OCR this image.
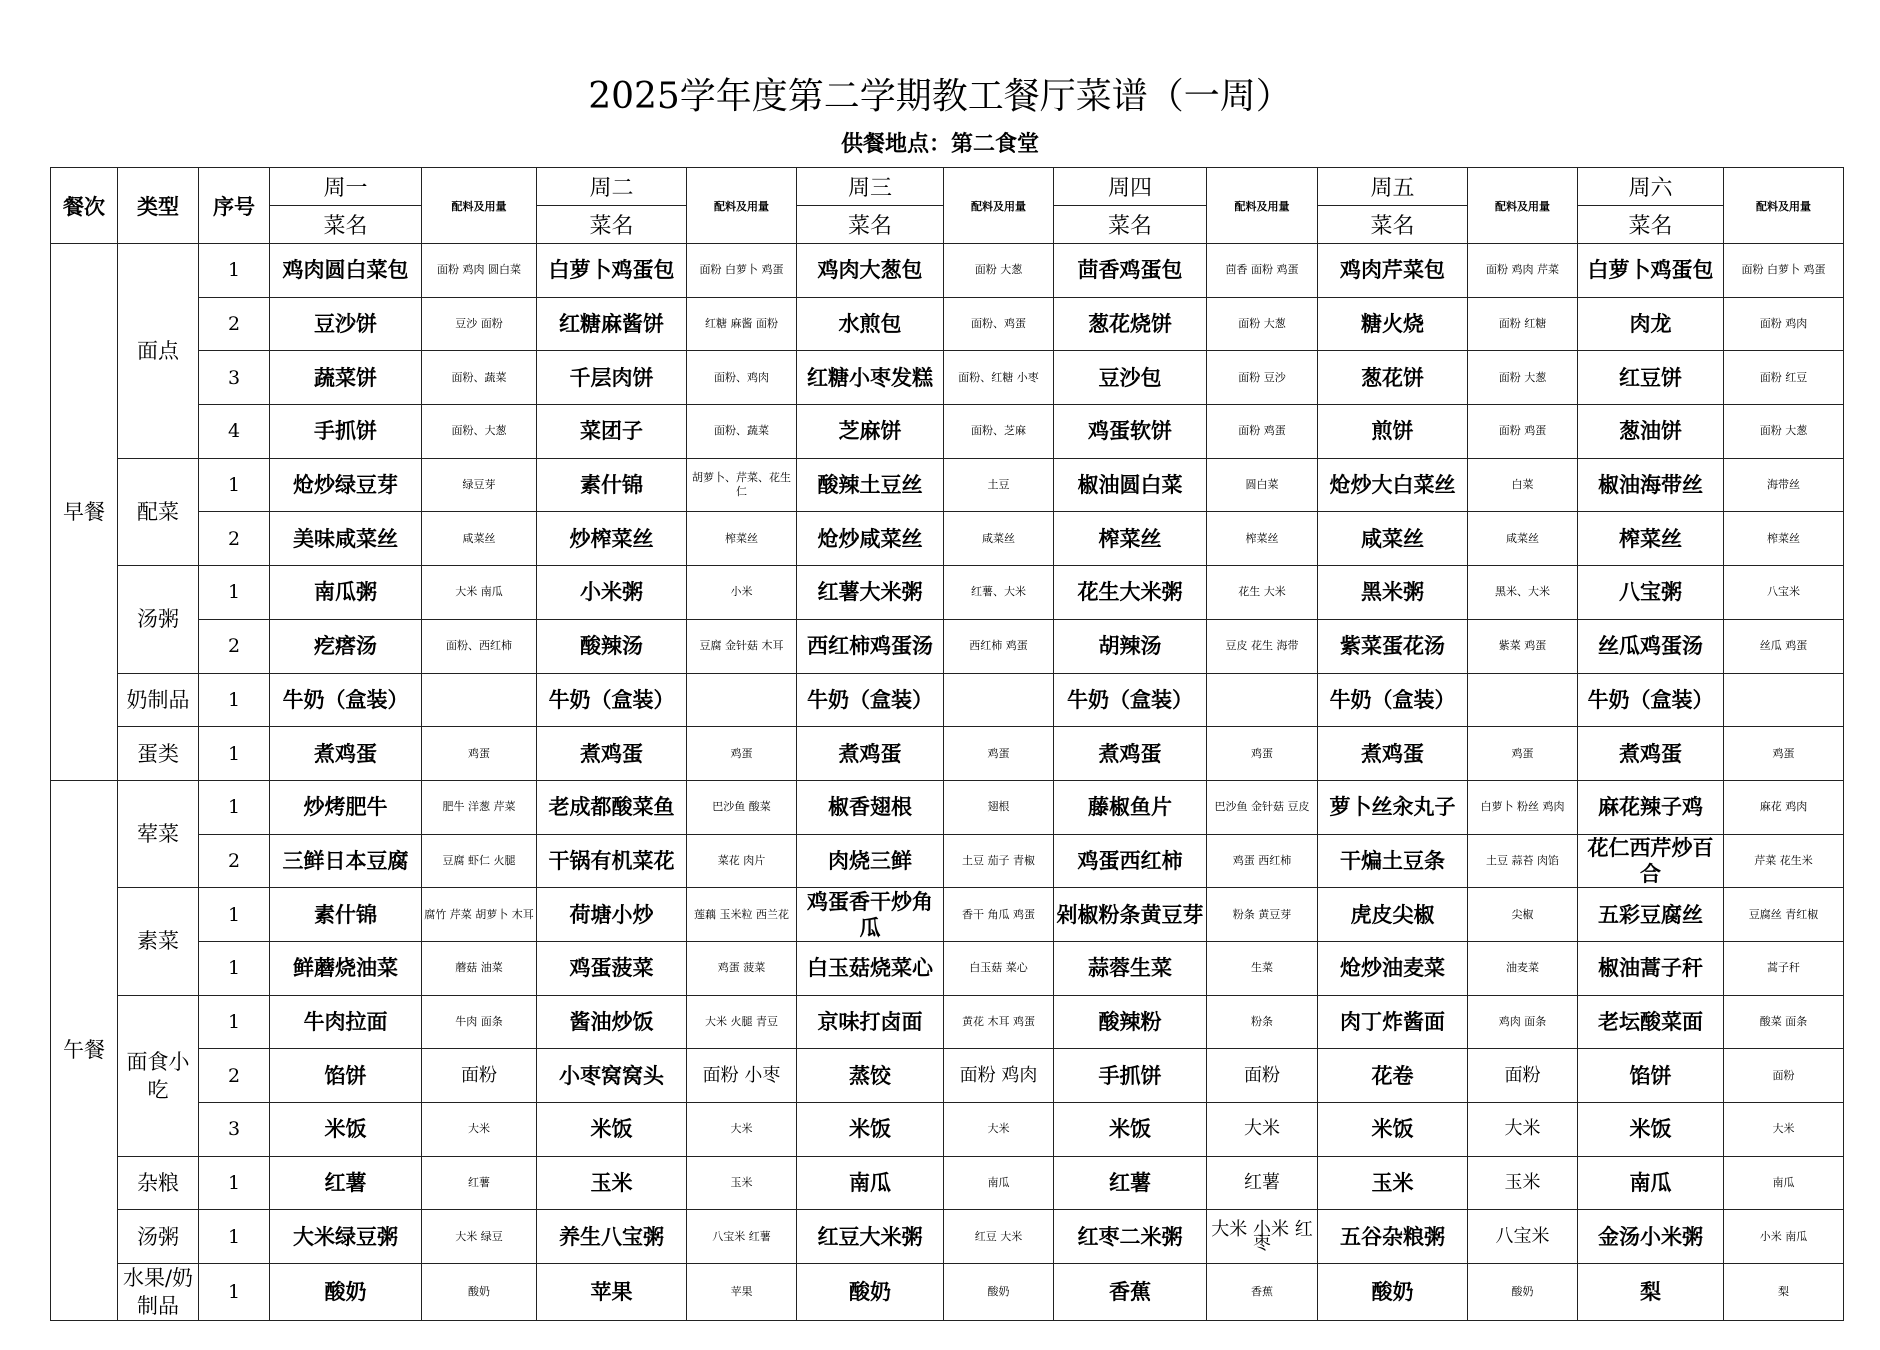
2025学年度第二学期教工餐厅菜谱（一周）
供餐地点：第二食堂
餐次	类型	序号	周一	配料及用量	周二	配料及用量	周三	配料及用量	周四	配料及用量	周五	配料及用量	周六	配料及用量
			菜名		菜名		菜名		菜名		菜名		菜名	
早餐	面点	1	鸡肉圆白菜包	面粉 鸡肉 圆白菜	白萝卜鸡蛋包	面粉 白萝卜 鸡蛋	鸡肉大葱包	面粉 大葱	茴香鸡蛋包	茴香 面粉 鸡蛋	鸡肉芹菜包	面粉 鸡肉 芹菜	白萝卜鸡蛋包	面粉 白萝卜 鸡蛋
		2	豆沙饼	豆沙 面粉	红糖麻酱饼	红糖 麻酱 面粉	水煎包	面粉、鸡蛋	葱花烧饼	面粉 大葱	糖火烧	面粉 红糖	肉龙	面粉 鸡肉
		3	蔬菜饼	面粉、蔬菜	千层肉饼	面粉、鸡肉	红糖小枣发糕	面粉、红糖 小枣	豆沙包	面粉 豆沙	葱花饼	面粉 大葱	红豆饼	面粉 红豆
		4	手抓饼	面粉、大葱	菜团子	面粉、蔬菜	芝麻饼	面粉、芝麻	鸡蛋软饼	面粉 鸡蛋	煎饼	面粉 鸡蛋	葱油饼	面粉 大葱
	配菜	1	炝炒绿豆芽	绿豆芽	素什锦	胡萝卜、芹菜、花生仁	酸辣土豆丝	土豆	椒油圆白菜	圆白菜	炝炒大白菜丝	白菜	椒油海带丝	海带丝
		2	美味咸菜丝	咸菜丝	炒榨菜丝	榨菜丝	炝炒咸菜丝	咸菜丝	榨菜丝	榨菜丝	咸菜丝	咸菜丝	榨菜丝	榨菜丝
	汤粥	1	南瓜粥	大米 南瓜	小米粥	小米	红薯大米粥	红薯、大米	花生大米粥	花生 大米	黑米粥	黑米、大米	八宝粥	八宝米
		2	疙瘩汤	面粉、西红柿	酸辣汤	豆腐 金针菇 木耳	西红柿鸡蛋汤	西红柿 鸡蛋	胡辣汤	豆皮 花生 海带	紫菜蛋花汤	紫菜 鸡蛋	丝瓜鸡蛋汤	丝瓜 鸡蛋
	奶制品	1	牛奶（盒装）		牛奶（盒装）		牛奶（盒装）		牛奶（盒装）		牛奶（盒装）		牛奶（盒装）	
	蛋类	1	煮鸡蛋	鸡蛋	煮鸡蛋	鸡蛋	煮鸡蛋	鸡蛋	煮鸡蛋	鸡蛋	煮鸡蛋	鸡蛋	煮鸡蛋	鸡蛋
午餐	荤菜	1	炒烤肥牛	肥牛 洋葱 芹菜	老成都酸菜鱼	巴沙鱼 酸菜	椒香翅根	翅根	藤椒鱼片	巴沙鱼 金针菇 豆皮	萝卜丝汆丸子	白萝卜 粉丝 鸡肉	麻花辣子鸡	麻花 鸡肉
		2	三鲜日本豆腐	豆腐 虾仁 火腿	干锅有机菜花	菜花 肉片	肉烧三鲜	土豆 茄子 青椒	鸡蛋西红柿	鸡蛋 西红柿	干煸土豆条	土豆 蒜苔 肉馅	花仁西芹炒百合	芹菜 花生米
	素菜	1	素什锦	腐竹 芹菜 胡萝卜 木耳	荷塘小炒	莲藕 玉米粒 西兰花	鸡蛋香干炒角瓜	香干 角瓜 鸡蛋	剁椒粉条黄豆芽	粉条 黄豆芽	虎皮尖椒	尖椒	五彩豆腐丝	豆腐丝 青红椒
		1	鲜蘑烧油菜	蘑菇 油菜	鸡蛋菠菜	鸡蛋 菠菜	白玉菇烧菜心	白玉菇 菜心	蒜蓉生菜	生菜	炝炒油麦菜	油麦菜	椒油蒿子秆	蒿子秆
	面食小吃	1	牛肉拉面	牛肉 面条	酱油炒饭	大米 火腿 青豆	京味打卤面	黄花 木耳 鸡蛋	酸辣粉	粉条	肉丁炸酱面	鸡肉 面条	老坛酸菜面	酸菜 面条
		2	馅饼	面粉	小枣窝窝头	面粉 小枣	蒸饺	面粉 鸡肉	手抓饼	面粉	花卷	面粉	馅饼	面粉
		3	米饭	大米	米饭	大米	米饭	大米	米饭	大米	米饭	大米	米饭	大米
	杂粮	1	红薯	红薯	玉米	玉米	南瓜	南瓜	红薯	红薯	玉米	玉米	南瓜	南瓜
	汤粥	1	大米绿豆粥	大米 绿豆	养生八宝粥	八宝米 红薯	红豆大米粥	红豆 大米	红枣二米粥	大米 小米 红枣	五谷杂粮粥	八宝米	金汤小米粥	小米 南瓜
	水果/奶制品	1	酸奶	酸奶	苹果	苹果	酸奶	酸奶	香蕉	香蕉	酸奶	酸奶	梨	梨
